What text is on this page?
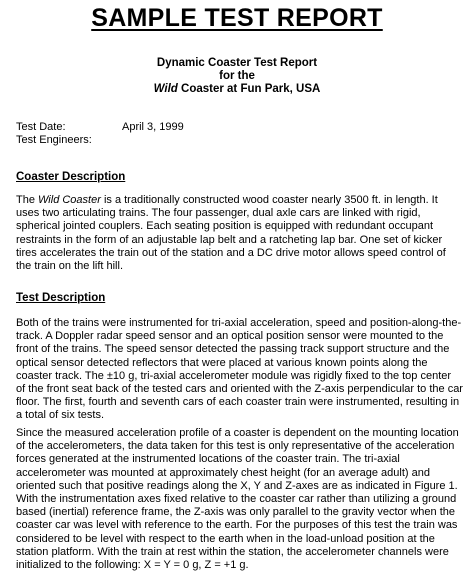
SAMPLE TEST REPORT
Dynamic Coaster Test Report
for the
Wild Coaster at Fun Park, USA
Test Date:	April 3, 1999
Test Engineers:
Coaster Description
The Wild Coaster is a traditionally constructed wood coaster nearly 3500 ft. in length. It
uses two articulating trains. The four passenger, dual axle cars are linked with rigid,
spherical jointed couplers. Each seating position is equipped with redundant occupant
restraints in the form of an adjustable lap belt and a ratcheting lap bar. One set of kicker
tires accelerates the train out of the station and a DC drive motor allows speed control of
the train on the lift hill.
Test Description
Both of the trains were instrumented for tri-axial acceleration, speed and position-along-the-
track. A Doppler radar speed sensor and an optical position sensor were mounted to the
front of the trains. The speed sensor detected the passing track support structure and the
optical sensor detected reflectors that were placed at various known points along the
coaster track. The ±10 g, tri-axial accelerometer module was rigidly fixed to the top center
of the front seat back of the tested cars and oriented with the Z-axis perpendicular to the car
floor. The first, fourth and seventh cars of each coaster train were instrumented, resulting in
a total of six tests.
Since the measured acceleration profile of a coaster is dependent on the mounting location
of the accelerometers, the data taken for this test is only representative of the acceleration
forces generated at the instrumented locations of the coaster train. The tri-axial
accelerometer was mounted at approximately chest height (for an average adult) and
oriented such that positive readings along the X, Y and Z-axes are as indicated in Figure 1.
With the instrumentation axes fixed relative to the coaster car rather than utilizing a ground
based (inertial) reference frame, the Z-axis was only parallel to the gravity vector when the
coaster car was level with reference to the earth. For the purposes of this test the train was
considered to be level with respect to the earth when in the load-unload position at the
station platform. With the train at rest within the station, the accelerometer channels were
initialized to the following: X = Y = 0 g, Z = +1 g.
